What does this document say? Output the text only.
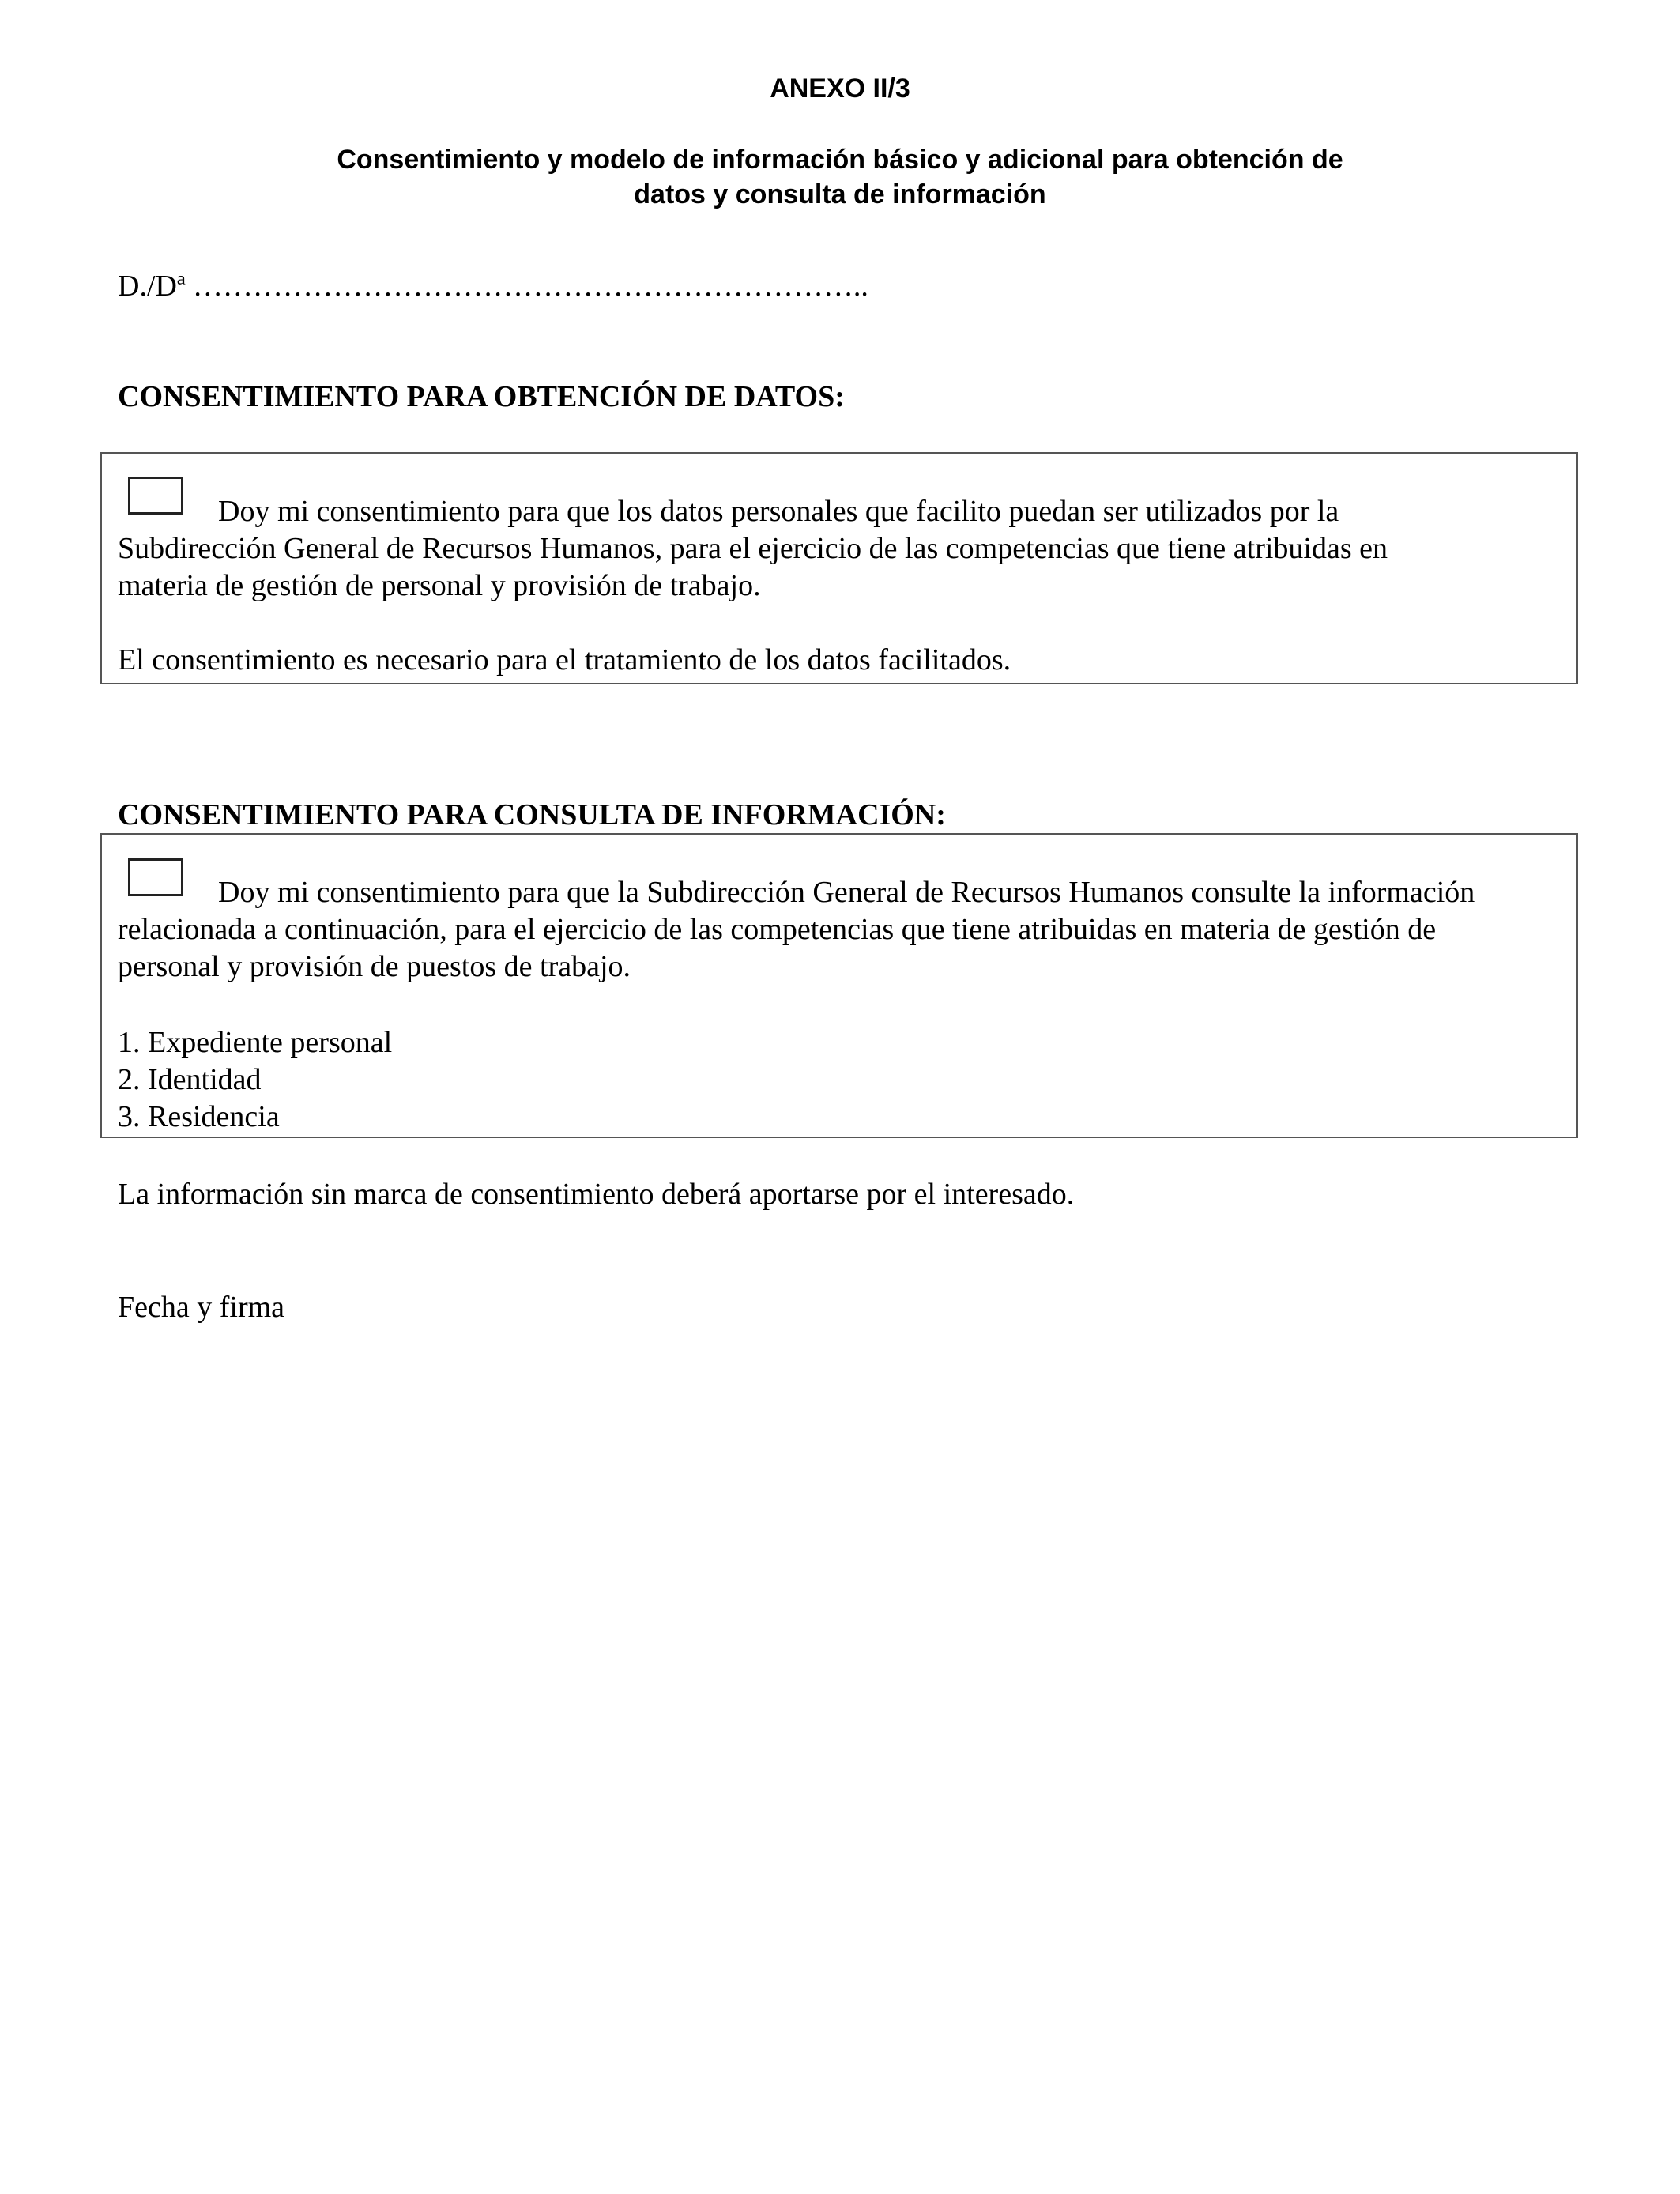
ANEXO II/3
Consentimiento y modelo de información básico y adicional para obtención de
datos y consulta de información

D./Dª …………………………………………………………..

CONSENTIMIENTO PARA OBTENCIÓN DE DATOS:

Doy mi consentimiento para que los datos personales que facilito puedan ser utilizados por la
Subdirección General de Recursos Humanos, para el ejercicio de las competencias que tiene atribuidas en
materia de gestión de personal y provisión de trabajo.

El consentimiento es necesario para el tratamiento de los datos facilitados.

CONSENTIMIENTO PARA CONSULTA DE INFORMACIÓN:

Doy mi consentimiento para que la Subdirección General de Recursos Humanos consulte la información
relacionada a continuación, para el ejercicio de las competencias que tiene atribuidas en materia de gestión de
personal y provisión de puestos de trabajo.

1. Expediente personal
2. Identidad
3. Residencia

La información sin marca de consentimiento deberá aportarse por el interesado.

Fecha y firma
